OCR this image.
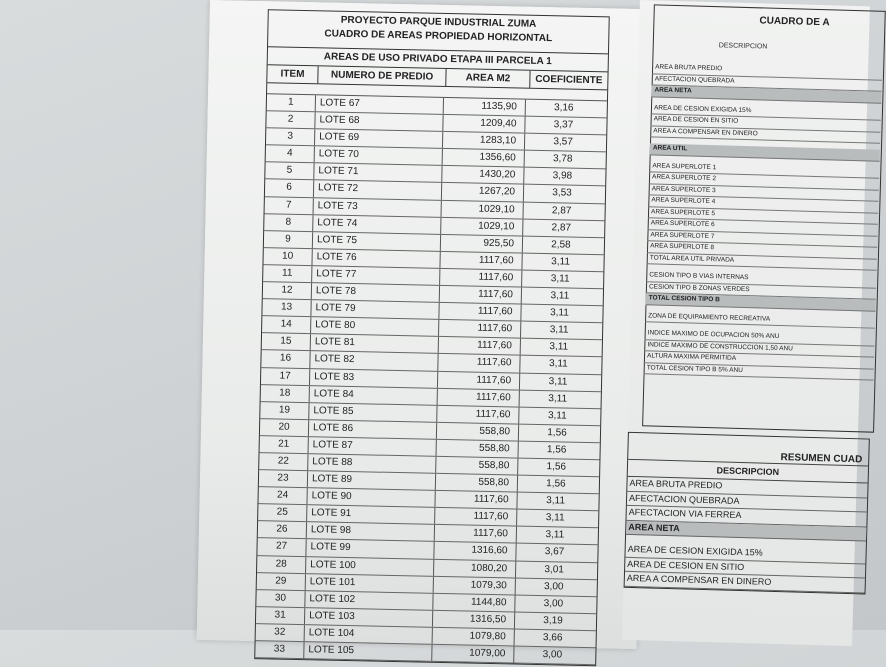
PROYECTO PARQUE INDUSTRIAL ZUMA
CUADRO DE AREAS PROPIEDAD HORIZONTAL
AREAS DE USO PRIVADO ETAPA III PARCELA 1
ITEM	NUMERO DE PREDIO	AREA M2	COEFICIENTE
1	LOTE 67	1135,90	3,16
2	LOTE 68	1209,40	3,37
3	LOTE 69	1283,10	3,57
4	LOTE 70	1356,60	3,78
5	LOTE 71	1430,20	3,98
6	LOTE 72	1267,20	3,53
7	LOTE 73	1029,10	2,87
8	LOTE 74	1029,10	2,87
9	LOTE 75	925,50	2,58
10	LOTE 76	1117,60	3,11
11	LOTE 77	1117,60	3,11
12	LOTE 78	1117,60	3,11
13	LOTE 79	1117,60	3,11
14	LOTE 80	1117,60	3,11
15	LOTE 81	1117,60	3,11
16	LOTE 82	1117,60	3,11
17	LOTE 83	1117,60	3,11
18	LOTE 84	1117,60	3,11
19	LOTE 85	1117,60	3,11
20	LOTE 86	558,80	1,56
21	LOTE 87	558,80	1,56
22	LOTE 88	558,80	1,56
23	LOTE 89	558,80	1,56
24	LOTE 90	1117,60	3,11
25	LOTE 91	1117,60	3,11
26	LOTE 98	1117,60	3,11
27	LOTE 99	1316,60	3,67
28	LOTE 100	1080,20	3,01
29	LOTE 101	1079,30	3,00
30	LOTE 102	1144,80	3,00
31	LOTE 103	1316,50	3,19
32	LOTE 104	1079,80	3,66
33	LOTE 105	1079,00	3,00
CUADRO DE A
DESCRIPCION
AREA BRUTA PREDIO
AFECTACION QUEBRADA
AREA NETA
AREA DE CESION EXIGIDA 15%
AREA DE CESION EN SITIO
AREA A COMPENSAR EN DINERO
AREA UTIL
AREA SUPERLOTE 1
AREA SUPERLOTE 2
AREA SUPERLOTE 3
AREA SUPERLOTE 4
AREA SUPERLOTE 5
AREA SUPERLOTE 6
AREA SUPERLOTE 7
AREA SUPERLOTE 8
TOTAL AREA UTIL PRIVADA
CESION TIPO B VIAS INTERNAS
CESION TIPO B ZONAS VERDES
TOTAL CESION TIPO B
ZONA DE EQUIPAMIENTO RECREATIVA
INDICE MAXIMO DE OCUPACION 50% ANU
INDICE MAXIMO DE CONSTRUCCION 1,50 ANU
ALTURA MAXIMA PERMITIDA
TOTAL CESION TIPO B 5% ANU
RESUMEN CUAD
DESCRIPCION
AREA BRUTA PREDIO
AFECTACION QUEBRADA
AFECTACION VIA FERREA
AREA NETA
AREA DE CESION EXIGIDA 15%
AREA DE CESION EN SITIO
AREA A COMPENSAR EN DINERO
